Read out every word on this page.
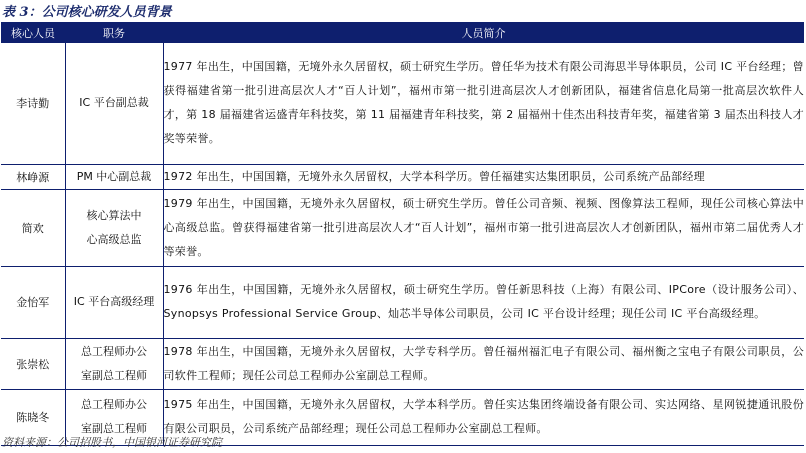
表 3：公司核心研发人员背景
核心人员	职务	人员简介
李诗勤	IC 平台副总裁	1977 年出生，中国国籍，无境外永久居留权，硕士研究生学历。曾任华为技术有限公司海思半导体职员，公司 IC 平台经理；曾获得福建省第一批引进高层次人才“百人计划”，福州市第一批引进高层次人才创新团队，福建省信息化局第一批高层次软件人才，第 18 届福建省运盛青年科技奖，第 11 届福建青年科技奖，第 2 届福州十佳杰出科技青年奖，福建省第 3 届杰出科技人才奖等荣誉。
林峥源	PM 中心副总裁	1972 年出生，中国国籍，无境外永久居留权，大学本科学历。曾任福建实达集团职员，公司系统产品部经理
简欢	核心算法中心高级总监	1979 年出生，中国国籍，无境外永久居留权，硕士研究生学历。曾任公司音频、视频、图像算法工程师，现任公司核心算法中心高级总监。曾获得福建省第一批引进高层次人才“百人计划”，福州市第一批引进高层次人才创新团队，福州市第二届优秀人才等荣誉。
金怡军	IC 平台高级经理	1976 年出生，中国国籍，无境外永久居留权，硕士研究生学历。曾任新思科技（上海）有限公司、IPCore（设计服务公司）、Synopsys Professional Service Group、灿芯半导体公司职员，公司 IC 平台设计经理；现任公司 IC 平台高级经理。
张崇松	总工程师办公室副总工程师	1978 年出生，中国国籍，无境外永久居留权，大学专科学历。曾任福州福汇电子有限公司、福州衡之宝电子有限公司职员，公司软件工程师；现任公司总工程师办公室副总工程师。
陈晓冬	总工程师办公室副总工程师	1975 年出生，中国国籍，无境外永久居留权，大学本科学历。曾任实达集团终端设备有限公司、实达网络、星网锐捷通讯股份有限公司职员，公司系统产品部经理；现任公司总工程师办公室副总工程师。
资料来源：公司招股书，中国银河证券研究院
